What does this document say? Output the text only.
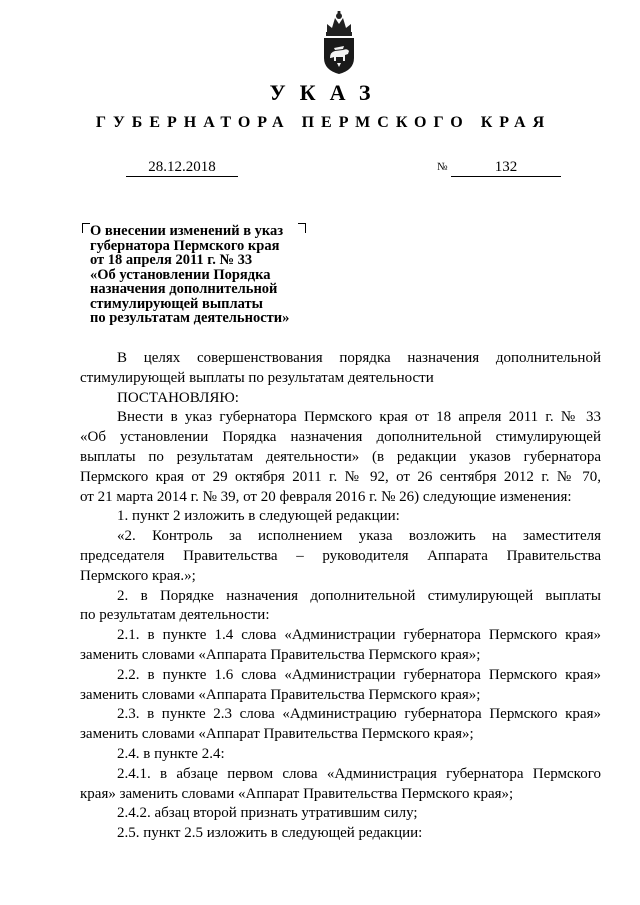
УКАЗ
ГУБЕРНАТОРА ПЕРМСКОГО КРАЯ
28.12.2018	№	132
О внесении изменений в указ
губернатора Пермского края
от 18 апреля 2011 г. № 33
«Об установлении Порядка
назначения дополнительной
стимулирующей выплаты
по результатам деятельности»

В целях совершенствования порядка назначения дополнительной

стимулирующей выплаты по результатам деятельности

ПОСТАНОВЛЯЮ:

Внести в указ губернатора Пермского края от 18 апреля 2011 г. № 33

«Об установлении Порядка назначения дополнительной стимулирующей

выплаты по результатам деятельности» (в редакции указов губернатора

Пермского края от 29 октября 2011 г. № 92, от 26 сентября 2012 г. № 70,

от 21 марта 2014 г. № 39, от 20 февраля 2016 г. № 26) следующие изменения:

1. пункт 2 изложить в следующей редакции:

«2. Контроль за исполнением указа возложить на заместителя

председателя Правительства – руководителя Аппарата Правительства

Пермского края.»;

2. в Порядке назначения дополнительной стимулирующей выплаты

по результатам деятельности:

2.1. в пункте 1.4 слова «Администрации губернатора Пермского края»

заменить словами «Аппарата Правительства Пермского края»;

2.2. в пункте 1.6 слова «Администрации губернатора Пермского края»

заменить словами «Аппарата Правительства Пермского края»;

2.3. в пункте 2.3 слова «Администрацию губернатора Пермского края»

заменить словами «Аппарат Правительства Пермского края»;

2.4. в пункте 2.4:

2.4.1. в абзаце первом слова «Администрация губернатора Пермского

края» заменить словами «Аппарат Правительства Пермского края»;

2.4.2. абзац второй признать утратившим силу;

2.5. пункт 2.5 изложить в следующей редакции:
